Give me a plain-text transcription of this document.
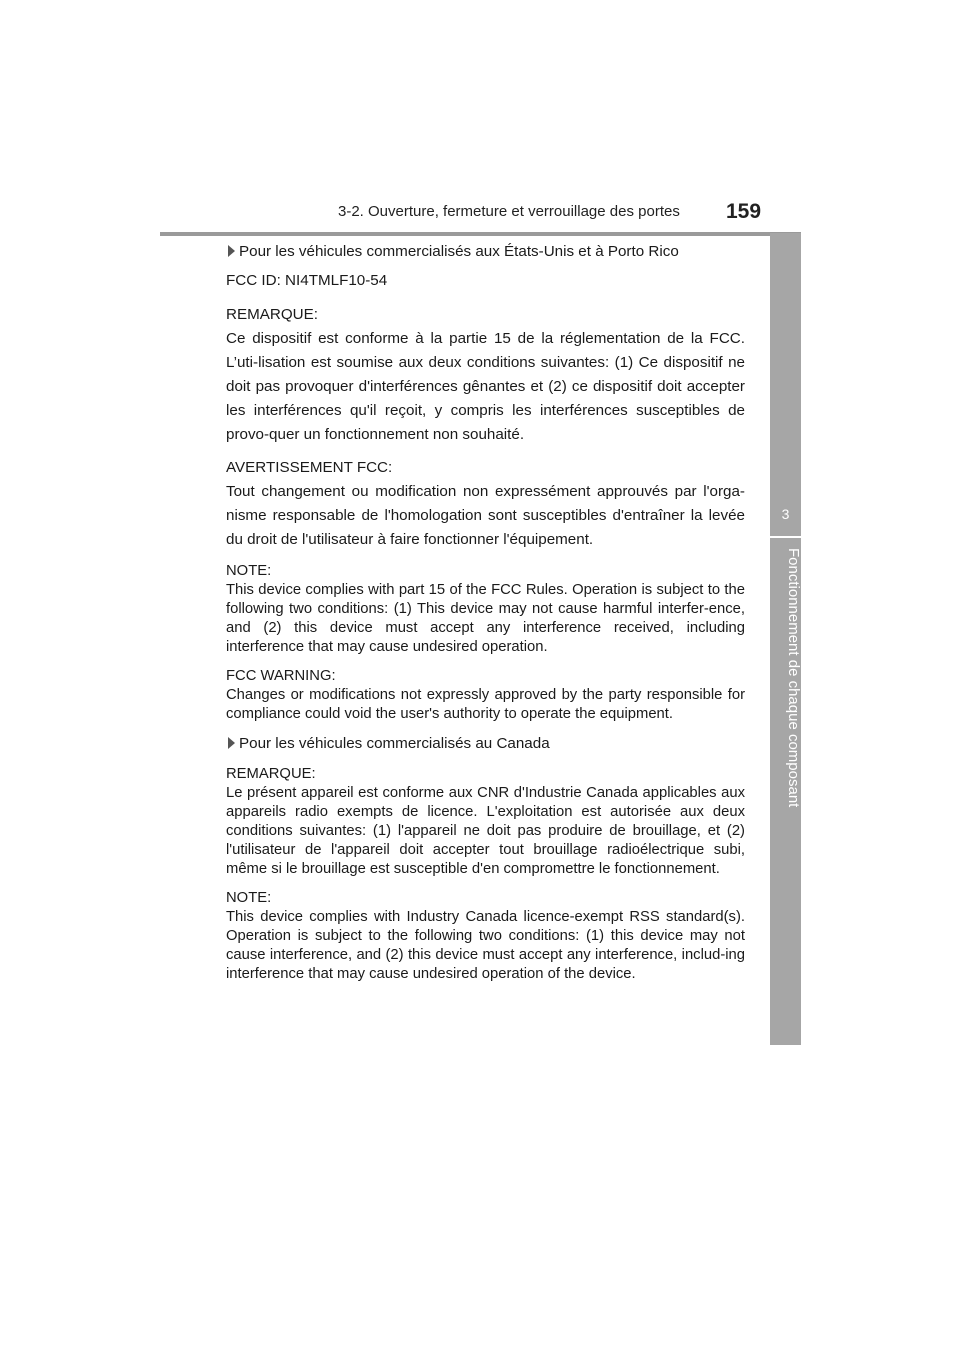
3-2. Ouverture, fermeture et verrouillage des portes 159
3
Fonctionnement de chaque composant

Pour les véhicules commercialisés aux États-Unis et à Porto Rico

FCC ID: NI4TMLF10-54

REMARQUE:
Ce dispositif est conforme à la partie 15 de la réglementation de la FCC. L’uti-lisation est soumise aux deux conditions suivantes: (1) Ce dispositif ne doit pas provoquer d'interférences gênantes et (2) ce dispositif doit accepter les interférences qu'il reçoit, y compris les interférences susceptibles de provo-quer un fonctionnement non souhaité.

AVERTISSEMENT FCC:
Tout changement ou modification non expressément approuvés par l'orga-nisme responsable de l'homologation sont susceptibles d'entraîner la levée du droit de l'utilisateur à faire fonctionner l'équipement.

NOTE:
This device complies with part 15 of the FCC Rules. Operation is subject to the following two conditions: (1) This device may not cause harmful interfer-ence, and (2) this device must accept any interference received, including interference that may cause undesired operation.

FCC WARNING:
Changes or modifications not expressly approved by the party responsible for compliance could void the user's authority to operate the equipment.

Pour les véhicules commercialisés au Canada

REMARQUE:
Le présent appareil est conforme aux CNR d'Industrie Canada applicables aux appareils radio exempts de licence. L'exploitation est autorisée aux deux conditions suivantes: (1) l'appareil ne doit pas produire de brouillage, et (2) l'utilisateur de l'appareil doit accepter tout brouillage radioélectrique subi, même si le brouillage est susceptible d'en compromettre le fonctionnement.

NOTE:
This device complies with Industry Canada licence-exempt RSS standard(s). Operation is subject to the following two conditions: (1) this device may not cause interference, and (2) this device must accept any interference, includ-ing interference that may cause undesired operation of the device.
